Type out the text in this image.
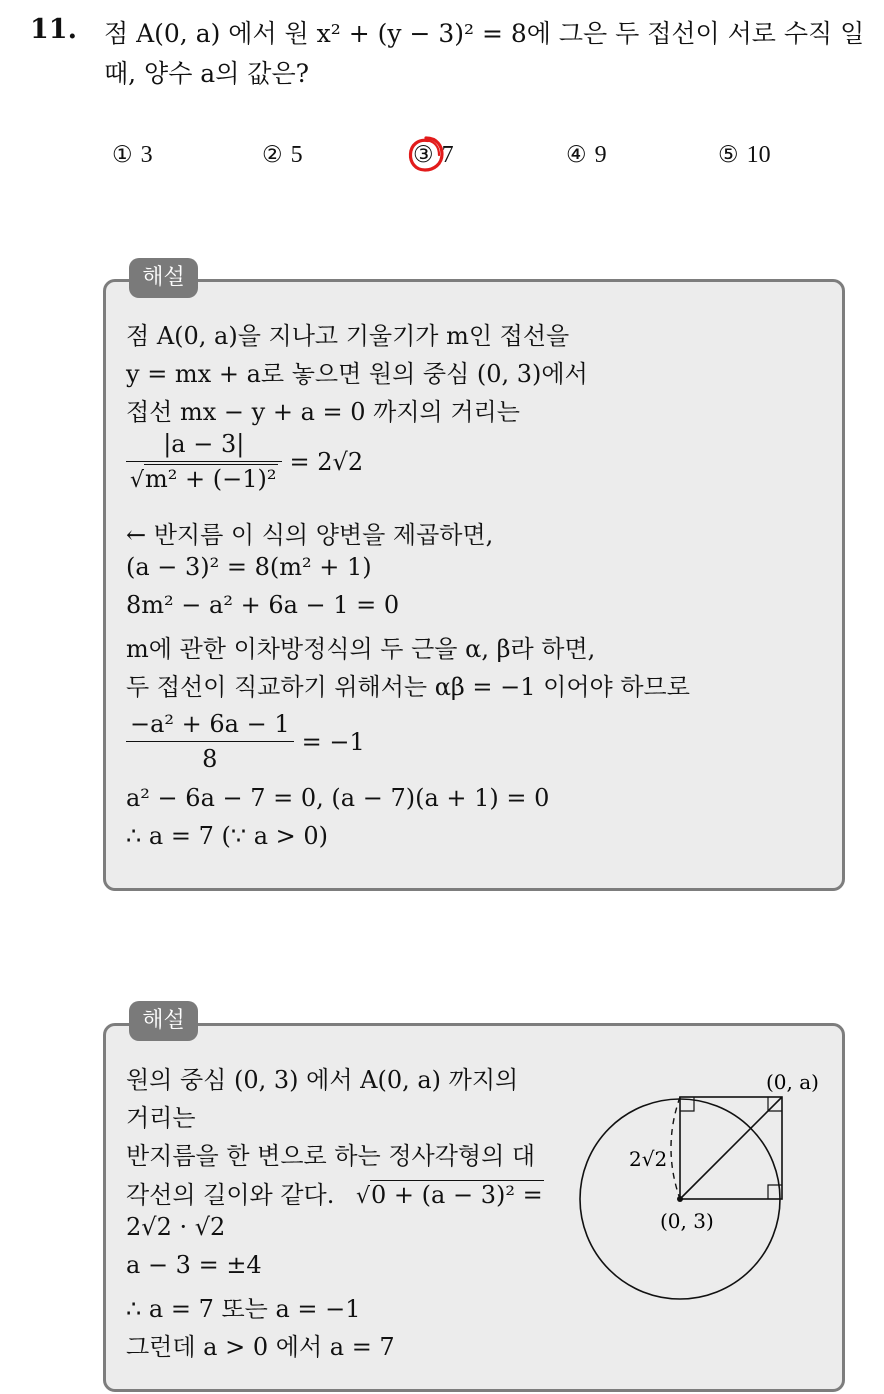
11. 점 A(0, a) 에서 원 x² + (y − 3)² = 8에 그은 두 접선이 서로 수직 일
때, 양수 a의 값은?
① 3	② 5	③ 7	④ 9	⑤ 10
해설
점 A(0, a)을 지나고 기울기가 m인 접선을
y = mx + a로 놓으면 원의 중심 (0, 3)에서
접선 mx − y + a = 0 까지의 거리는
$\frac{|a - 3|}{\text{√m² + (−1)²}} = 2√2$
← 반지름 이 식의 양변을 제곱하면,
(a − 3)² = 8(m² + 1)
8m² − a² + 6a − 1 = 0
m에 관한 이차방정식의 두 근을 α, β라 하면,
두 접선이 직교하기 위해서는 αβ = −1 이어야 하므로
$\frac{\text{−a² + 6a − 1}}{8} = -1$
a² − 6a − 7 = 0, (a − 7)(a + 1) = 0
∴ a = 7 (∵ a > 0)
해설
원의 중심 (0, 3) 에서 A(0, a) 까지의
거리는
반지름을 한 변으로 하는 정사각형의 대
각선의 길이와 같다. √0 + (a − 3)² =
2√2 · √2
a − 3 = ±4
∴ a = 7 또는 a = −1
그런데 a > 0 에서 a = 7
(0, a)
2√2
(0, 3)
